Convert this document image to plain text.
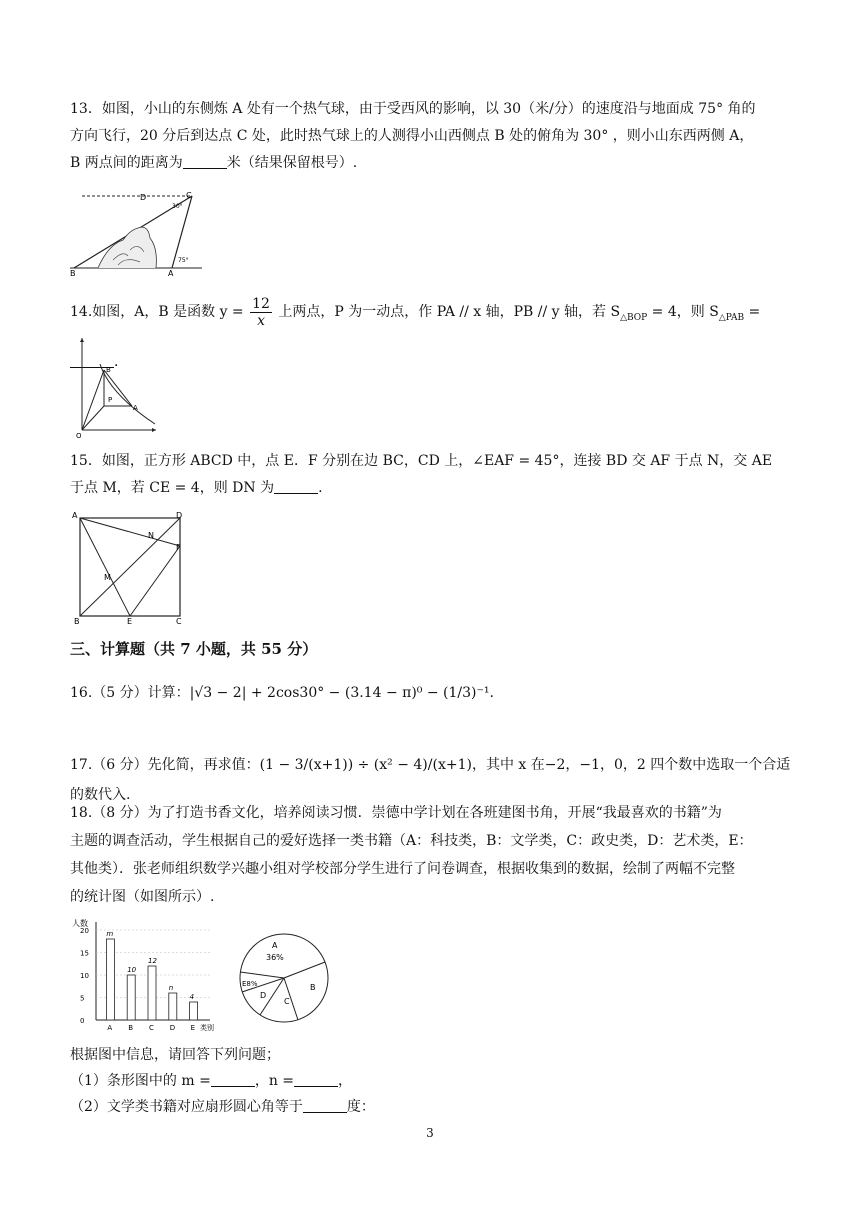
13．如图，小山的东侧炼 A 处有一个热气球，由于受西风的影响，以 30（米/分）的速度沿与地面成 75° 角的

方向飞行，20 分后到达点 C 处，此时热气球上的人测得小山西侧点 B 处的俯角为 30° ，则小山东西两侧 A，

B 两点间的距离为	米（结果保留根号）.

D	C
30°
B	A
75°
14.如图，A，B 是函数 $y = \frac{12}{x}$ 上两点，P 为一动点，作 PA // x 轴，PB // y 轴，若 $S_{\triangle BOP} = 4$，则 $S_{\triangle PAB}$ =.
B
P
A
O

15．如图，正方形 ABCD 中，点 E．F 分别在边 BC，CD 上，∠EAF = 45°，连接 BD 交 AF 于点 N，交 AE

于点 M，若 CE = 4，则 DN 为	.

A	D
N
F
M
B	E	C

三、计算题（共 7 小题，共 55 分）

16.（5 分）计算：|√3 − 2| + 2cos30° − (3.14 − π)⁰ − (1/3)⁻¹.

17.（6 分）先化简，再求值：(1 − 3/(x+1)) ÷ (x² − 4)/(x+1)，其中 x 在−2，−1，0，2 四个数中选取一个合适的数代入.

18.（8 分）为了打造书香文化，培养阅读习惯．崇德中学计划在各班建图书角，开展“我最喜欢的书籍”为

主题的调查活动，学生根据自己的爱好选择一类书籍（A：科技类，B：文学类，C：政史类，D：艺术类，E：

其他类）．张老师组织数学兴趣小组对学校部分学生进行了问卷调查，根据收集到的数据，绘制了两幅不完整

的统计图（如图所示）.

人数
类别
20
15
10
5
0
m
A
10
B
12
C
n
D
4
E
A
36%
B
C
D
E8%

根据图中信息，请回答下列问题；

（1）条形图中的 m =	，n =	，

（2）文学类书籍对应扇形圆心角等于	度：

3
